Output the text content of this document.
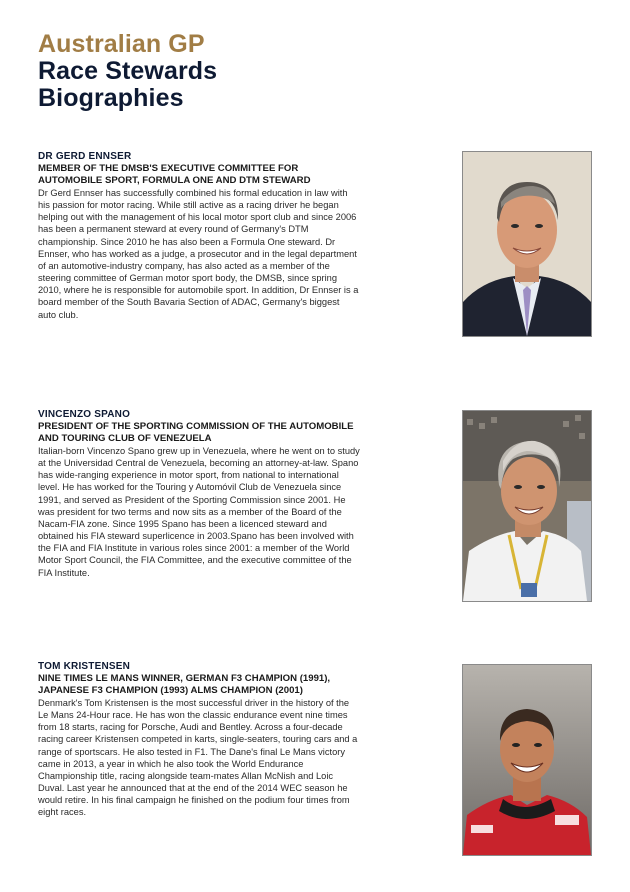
Australian GP
Race Stewards
Biographies
DR GERD ENNSER
MEMBER OF THE DMSB'S EXECUTIVE COMMITTEE FOR AUTOMOBILE SPORT, FORMULA ONE AND DTM STEWARD
Dr Gerd Ennser has successfully combined his formal education in law with his passion for motor racing. While still active as a racing driver he began helping out with the management of his local motor sport club and since 2006 has been a permanent steward at every round of Germany's DTM championship. Since 2010 he has also been a Formula One steward. Dr Ennser, who has worked as a judge, a prosecutor and in the legal department of an automotive-industry company, has also acted as a member of the steering committee of German motor sport body, the DMSB, since spring 2010, where he is responsible for automobile sport. In addition, Dr Ennser is a board member of the South Bavaria Section of ADAC, Germany's biggest auto club.
VINCENZO SPANO
PRESIDENT OF THE SPORTING COMMISSION OF THE AUTOMOBILE AND TOURING CLUB OF VENEZUELA
Italian-born Vincenzo Spano grew up in Venezuela, where he went on to study at the Universidad Central de Venezuela, becoming an attorney-at-law. Spano has wide-ranging experience in motor sport, from national to international level. He has worked for the Touring y Automóvil Club de Venezuela since 1991, and served as President of the Sporting Commission since 2001. He was president for two terms and now sits as a member of the Board of the Nacam-FIA zone. Since 1995 Spano has been a licenced steward and obtained his FIA steward superlicence in 2003.Spano has been involved with the FIA and FIA Institute in various roles since 2001: a member of the World Motor Sport Council, the FIA Committee, and the executive committee of the FIA Institute.
TOM KRISTENSEN
NINE TIMES LE MANS WINNER, GERMAN F3 CHAMPION (1991), JAPANESE F3 CHAMPION (1993) ALMS CHAMPION (2001)
Denmark's Tom Kristensen is the most successful driver in the history of the Le Mans 24-Hour race. He has won the classic endurance event nine times from 18 starts, racing for Porsche, Audi and Bentley. Across a four-decade racing career Kristensen competed in karts, single-seaters, touring cars and a range of sportscars. He also tested in F1. The Dane's final Le Mans victory came in 2013, a year in which he also took the World Endurance Championship title, racing alongside team-mates Allan McNish and Loic Duval. Last year he announced that at the end of the 2014 WEC season he would retire. In his final campaign he finished on the podium four times from eight races.
